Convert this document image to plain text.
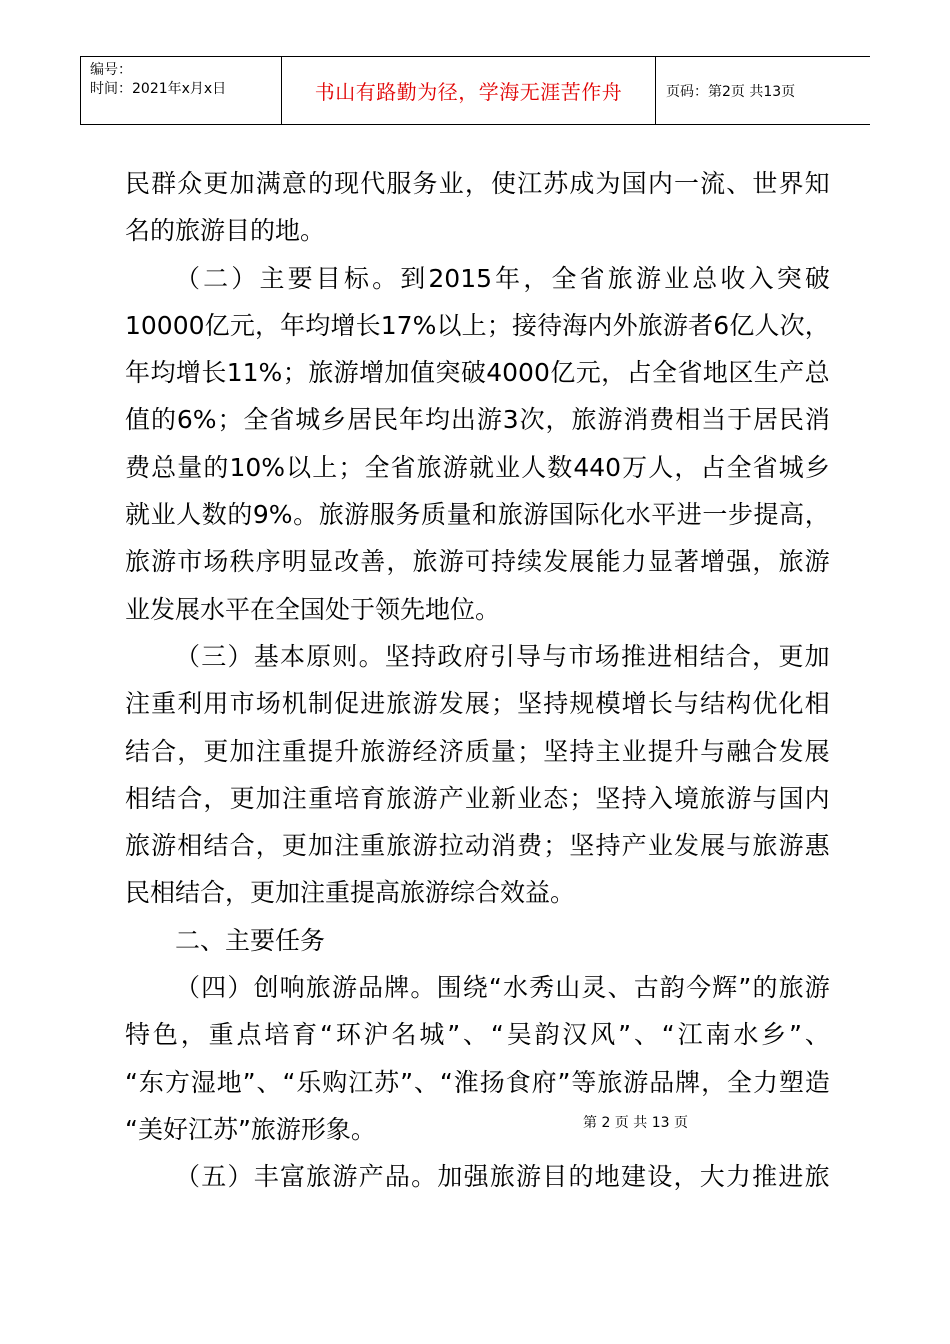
编号：
时间：2021年x月x日	书山有路勤为径，学海无涯苦作舟	页码：第2页 共13页
民 群 众 更 加 满 意 的 现 代 服 务 业 ， 使 江 苏 成 为 国 内 一 流 、 世 界 知
名的旅游目的地。
（ 二 ） 主 要 目 标 。 到 2015 年 ， 全 省 旅 游 业 总 收 入 突 破
10000 亿 元 ， 年 均 增 长 17% 以 上 ； 接 待 海 内 外 旅 游 者 6 亿 人 次 ，
年 均 增 长 11% ； 旅 游 增 加 值 突 破 4000 亿 元 ， 占 全 省 地 区 生 产 总
值 的 6% ； 全 省 城 乡 居 民 年 均 出 游 3 次 ， 旅 游 消 费 相 当 于 居 民 消
费 总 量 的 10% 以 上 ； 全 省 旅 游 就 业 人 数 440 万 人 ， 占 全 省 城 乡
就 业 人 数 的 9% 。 旅 游 服 务 质 量 和 旅 游 国 际 化 水 平 进 一 步 提 高 ，
旅 游 市 场 秩 序 明 显 改 善 ， 旅 游 可 持 续 发 展 能 力 显 著 增 强 ， 旅 游
业发展水平在全国处于领先地位。
（ 三 ） 基 本 原 则 。 坚 持 政 府 引 导 与 市 场 推 进 相 结 合 ， 更 加
注 重 利 用 市 场 机 制 促 进 旅 游 发 展 ； 坚 持 规 模 增 长 与 结 构 优 化 相
结 合 ， 更 加 注 重 提 升 旅 游 经 济 质 量 ； 坚 持 主 业 提 升 与 融 合 发 展
相 结 合 ， 更 加 注 重 培 育 旅 游 产 业 新 业 态 ； 坚 持 入 境 旅 游 与 国 内
旅 游 相 结 合 ， 更 加 注 重 旅 游 拉 动 消 费 ； 坚 持 产 业 发 展 与 旅 游 惠
民相结合，更加注重提高旅游综合效益。
二、主要任务
（ 四 ） 创 响 旅 游 品 牌 。 围 绕 “ 水 秀 山 灵 、 古 韵 今 辉 ” 的 旅 游
特 色 ， 重 点 培 育 “ 环 沪 名 城 ” 、 “ 吴 韵 汉 风 ” 、 “ 江 南 水 乡 ” 、
“ 东 方 湿 地 ” 、 “ 乐 购 江 苏 ” 、 “ 淮 扬 食 府 ” 等 旅 游 品 牌 ， 全 力 塑 造
“美好江苏”旅游形象。
（ 五 ） 丰 富 旅 游 产 品 。 加 强 旅 游 目 的 地 建 设 ， 大 力 推 进 旅
第 2 页 共 13 页
